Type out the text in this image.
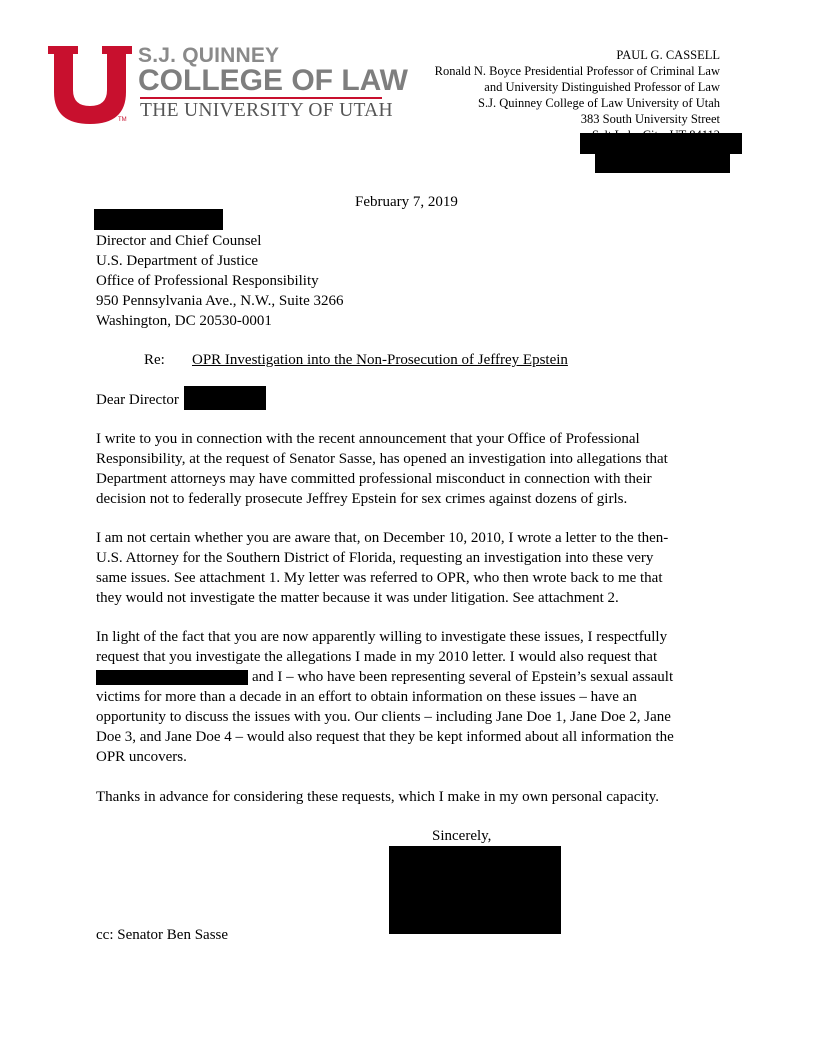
TM
S.J. QUINNEY
COLLEGE OF LAW
THE UNIVERSITY OF UTAH
PAUL G. CASSELL
Ronald N. Boyce Presidential Professor of Criminal Law
and University Distinguished Professor of Law
S.J. Quinney College of Law University of Utah
383 South University Street
February 7, 2019
Director and Chief Counsel
U.S. Department of Justice
Office of Professional Responsibility
950 Pennsylvania Ave., N.W., Suite 3266
Washington, DC 20530-0001
Re: OPR Investigation into the Non-Prosecution of Jeffrey Epstein
Dear Director
I write to you in connection with the recent announcement that your Office of Professional
Responsibility, at the request of Senator Sasse, has opened an investigation into allegations that
Department attorneys may have committed professional misconduct in connection with their
decision not to federally prosecute Jeffrey Epstein for sex crimes against dozens of girls.
I am not certain whether you are aware that, on December 10, 2010, I wrote a letter to the then-
U.S. Attorney for the Southern District of Florida, requesting an investigation into these very
same issues. See attachment 1. My letter was referred to OPR, who then wrote back to me that
they would not investigate the matter because it was under litigation. See attachment 2.
In light of the fact that you are now apparently willing to investigate these issues, I respectfully
request that you investigate the allegations I made in my 2010 letter. I would also request that
and I – who have been representing several of Epstein’s sexual assault
victims for more than a decade in an effort to obtain information on these issues – have an
opportunity to discuss the issues with you. Our clients – including Jane Doe 1, Jane Doe 2, Jane
Doe 3, and Jane Doe 4 – would also request that they be kept informed about all information the
OPR uncovers.
Thanks in advance for considering these requests, which I make in my own personal capacity.
Sincerely,
cc: Senator Ben Sasse
